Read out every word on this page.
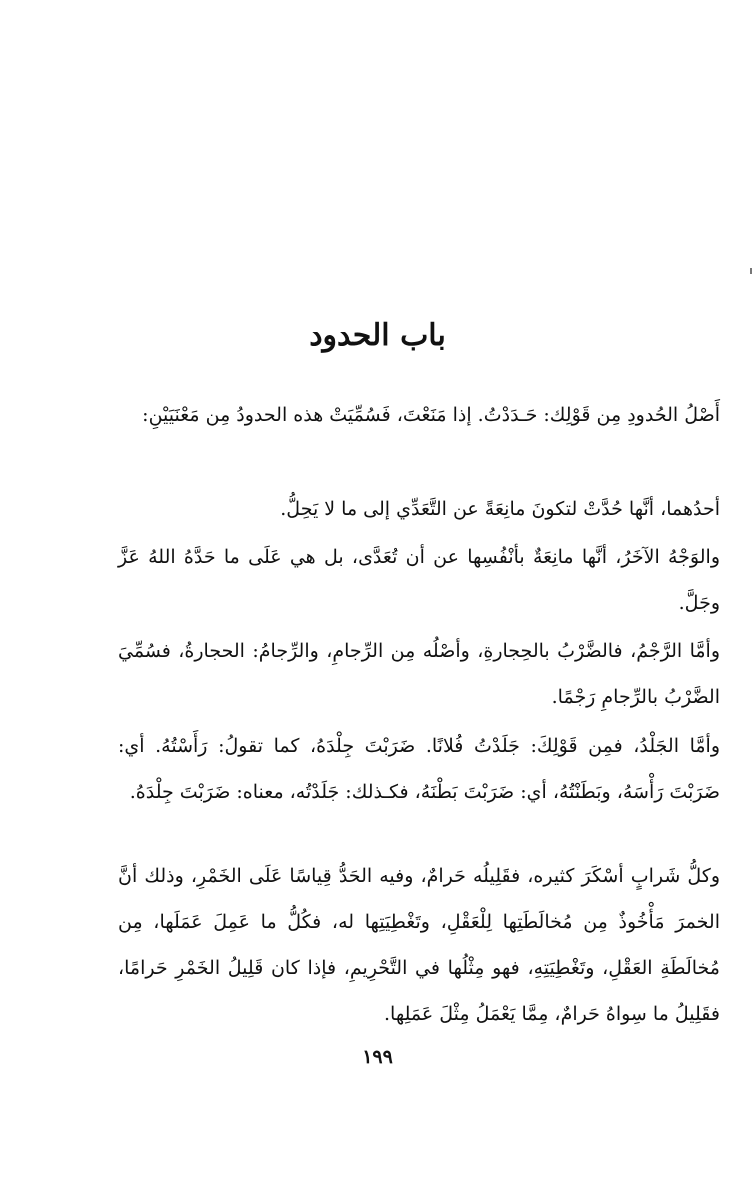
باب الحدود
أَصْلُ الحُدودِ مِن قَوْلِك: حَـدَدْتُ. إذا مَنَعْتَ، فَسُمِّيَتْ هذه الحدودُ مِن مَعْنَيَيْنِ:
أحدُهما، أنَّها حُدَّتْ لتكونَ مانِعَةً عن التَّعَدِّي إلى ما لا يَحِلُّ.
والوَجْهُ الآخَرُ، أنَّها مانِعَةٌ بأنْفُسِها عن أن تُعَدَّى، بل هي عَلَى ما حَدَّهُ اللهُ عَزَّ وجَلَّ.
وأمَّا الرَّجْمُ، فالضَّرْبُ بالحِجارةِ، وأصْلُه مِن الرِّجامِ، والرِّجامُ: الحجارةُ، فسُمِّيَ الضَّرْبُ بالرِّجامِ رَجْمًا.
وأمَّا الجَلْدُ، فمِن قَوْلِكَ: جَلَدْتُ فُلانًا. ضَرَبْتَ جِلْدَهُ، كما تقولُ: رَأَسْتُهُ. أي: ضَرَبْتَ رَأْسَهُ، وبَطَنْتُهُ، أي: ضَرَبْتَ بَطْنَهُ، فكـذلك: جَلَدْتُه، معناه: ضَرَبْتَ جِلْدَهُ.
وكلُّ شَرابٍ أسْكَرَ كثيره، فقَلِيلُه حَرامٌ، وفيه الحَدُّ قِياسًا عَلَى الخَمْرِ، وذلك أنَّ الخمرَ مَأْخُوذٌ مِن مُخالَطَتِها لِلْعَقْلِ، وتَغْطِيَتِها له، فكُلُّ ما عَمِلَ عَمَلَها، مِن مُخالَطَةِ العَقْلِ، وتَغْطِيَتِهِ، فهو مِثْلُها في التَّحْرِيمِ، فإذا كان قَلِيلُ الخَمْرِ حَرامًا، فقَلِيلُ ما سِواهُ حَرامٌ، مِمَّا يَعْمَلُ مِثْلَ عَمَلِها.
١٩٩
